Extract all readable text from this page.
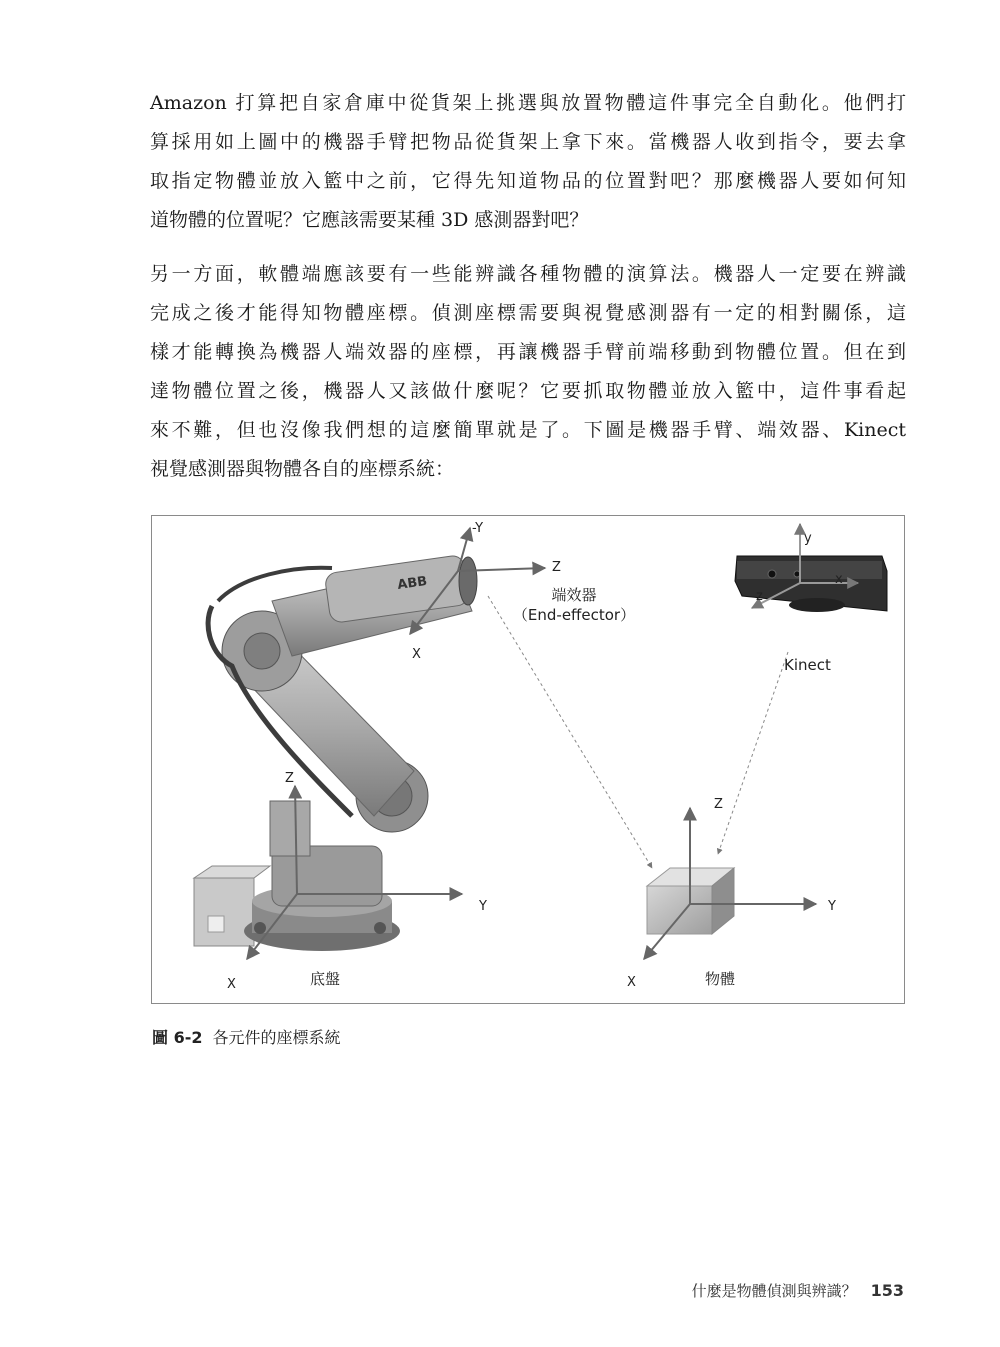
Amazon 打算把自家倉庫中從貨架上挑選與放置物體這件事完全自動化。他們打
算採用如上圖中的機器手臂把物品從貨架上拿下來。當機器人收到指令，要去拿
取指定物體並放入籃中之前，它得先知道物品的位置對吧？那麼機器人要如何知
道物體的位置呢？它應該需要某種 3D 感測器對吧？
另一方面，軟體端應該要有一些能辨識各種物體的演算法。機器人一定要在辨識
完成之後才能得知物體座標。偵測座標需要與視覺感測器有一定的相對關係，這
樣才能轉換為機器人端效器的座標，再讓機器手臂前端移動到物體位置。但在到
達物體位置之後，機器人又該做什麼呢？它要抓取物體並放入籃中，這件事看起
來不難，但也沒像我們想的這麼簡單就是了。下圖是機器手臂、端效器、Kinect
視覺感測器與物體各自的座標系統：
ABB
-Y
Z
X
端效器
（End-effector）
y
x
z
Kinect
Z
Y
X	底盤
Z
Y
X	物體
圖 6-2 各元件的座標系統
什麼是物體偵測與辨識？ 153
